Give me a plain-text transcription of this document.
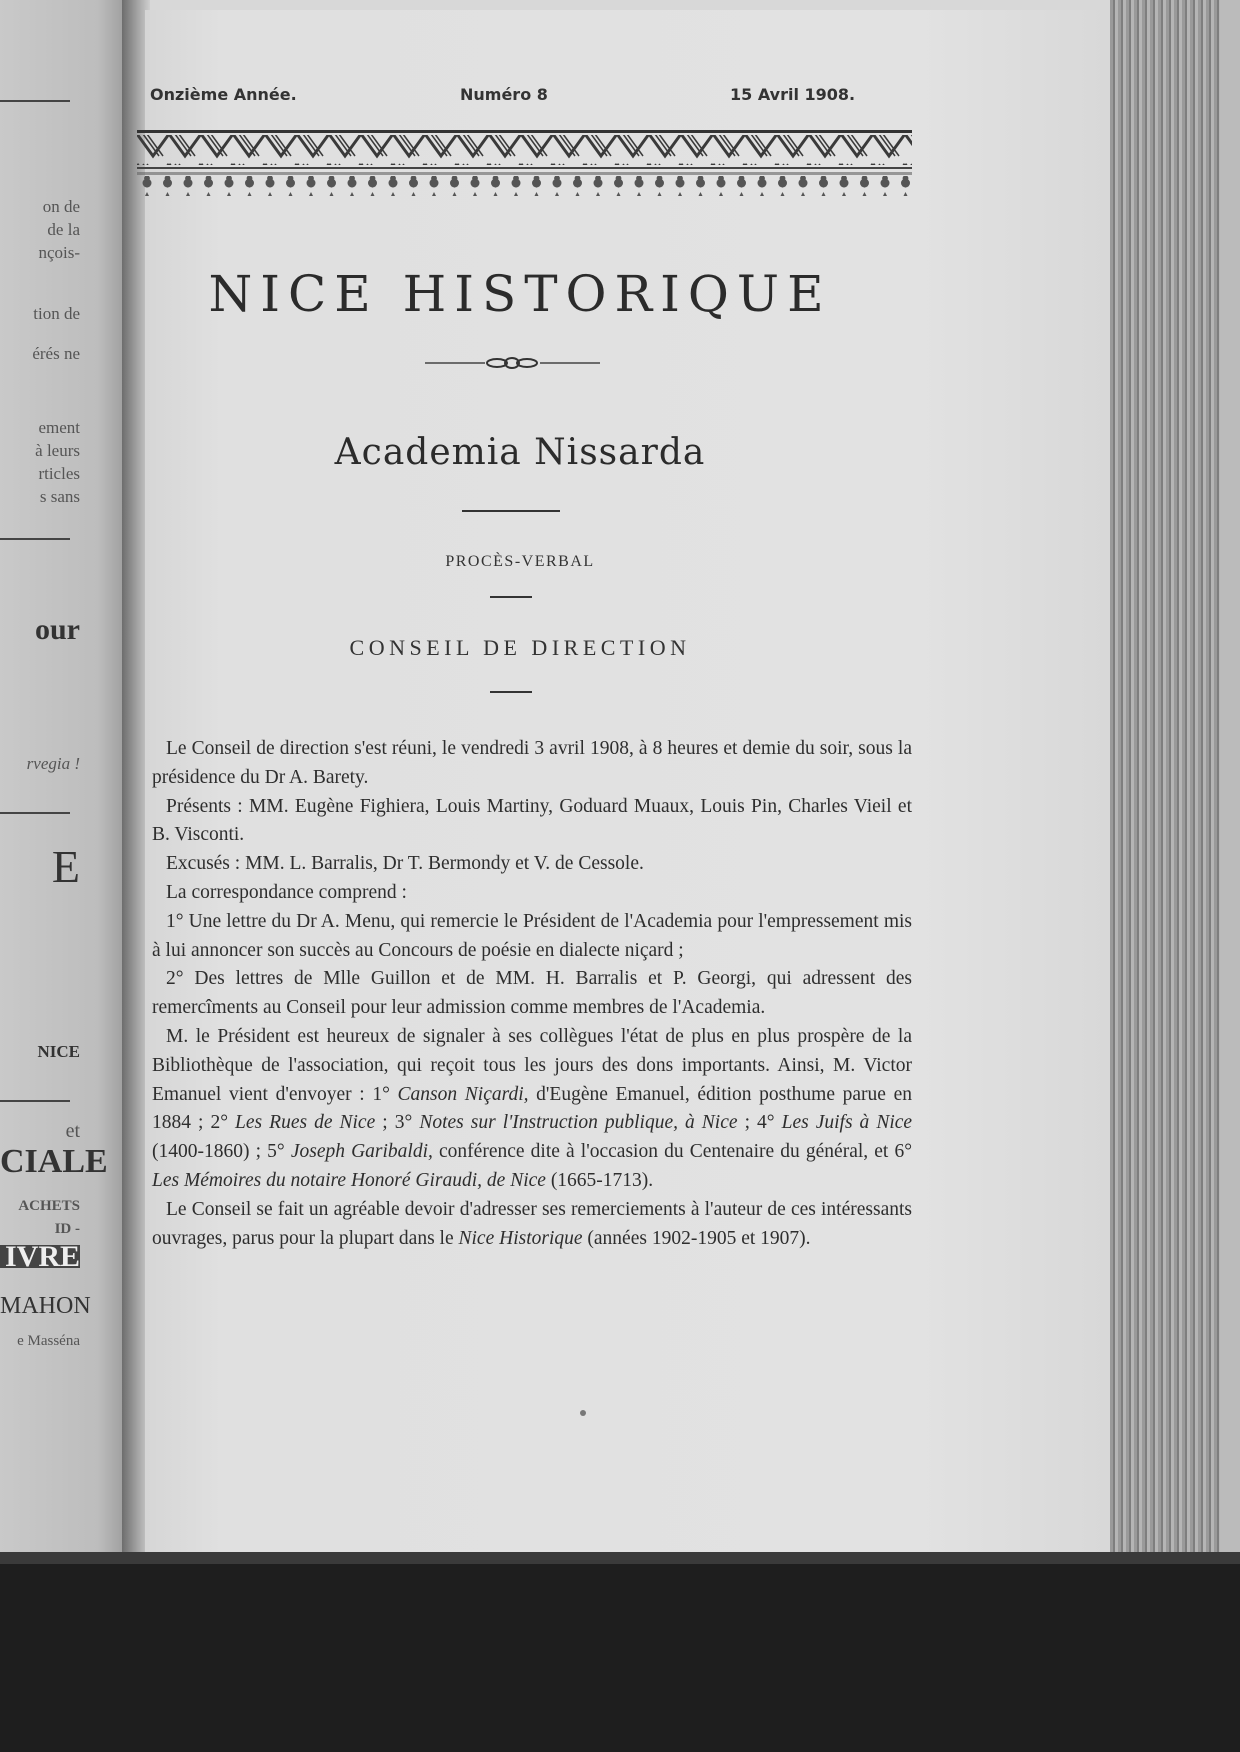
on de
de la
nçois-
tion de
érés ne
ement
à leurs
rticles
s sans
our
rvegia !
E
NICE
et
CIALE
ACHETS
ID -
IVRE
MAHON
e Masséna
Onzième Année.	Numéro 8	15 Avril 1908.
NICE HISTORIQUE
Academia Nissarda
PROCÈS-VERBAL
CONSEIL DE DIRECTION

Le Conseil de direction s'est réuni, le vendredi 3 avril 1908, à 8 heures et demie du soir, sous la présidence du Dr A. Barety.

Présents : MM. Eugène Fighiera, Louis Martiny, Goduard Muaux, Louis Pin, Charles Vieil et B. Visconti.

Excusés : MM. L. Barralis, Dr T. Bermondy et V. de Cessole.

La correspondance comprend :

1° Une lettre du Dr A. Menu, qui remercie le Président de l'Academia pour l'empressement mis à lui annoncer son succès au Concours de poésie en dialecte niçard ;

2° Des lettres de Mlle Guillon et de MM. H. Barralis et P. Georgi, qui adressent des remercîments au Conseil pour leur admission comme membres de l'Academia.

M. le Président est heureux de signaler à ses collègues l'état de plus en plus prospère de la Bibliothèque de l'association, qui reçoit tous les jours des dons importants. Ainsi, M. Victor Emanuel vient d'envoyer : 1° Canson Niçardi, d'Eugène Emanuel, édition posthume parue en 1884 ; 2° Les Rues de Nice ; 3° Notes sur l'Instruction publique, à Nice ; 4° Les Juifs à Nice (1400-1860) ; 5° Joseph Garibaldi, conférence dite à l'occasion du Centenaire du général, et 6° Les Mémoires du notaire Honoré Giraudi, de Nice (1665-1713).

Le Conseil se fait un agréable devoir d'adresser ses remerciements à l'auteur de ces intéressants ouvrages, parus pour la plupart dans le Nice Historique (années 1902-1905 et 1907).
